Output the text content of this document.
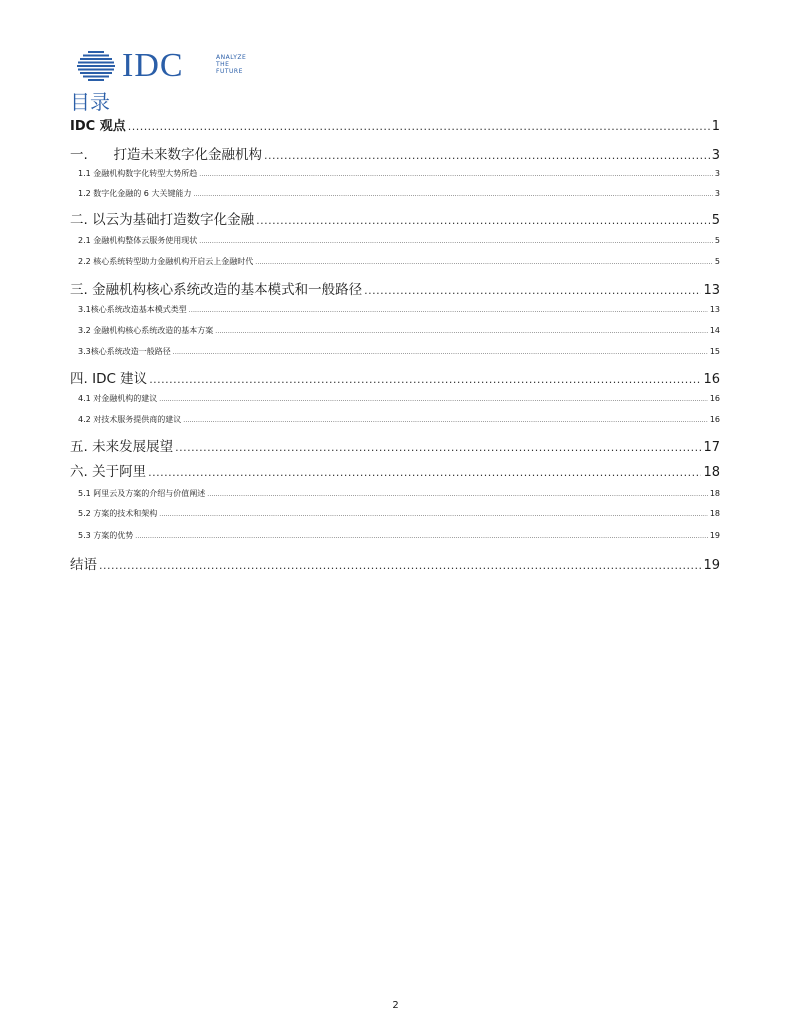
IDC	ANALYZE
THE
FUTURE
目录
IDC 观点 .....	1
一.      打造未来数字化金融机构 .....	3
1.1 金融机构数字化转型大势所趋 .....	3
1.2 数字化金融的 6 大关键能力 .....	3
二. 以云为基础打造数字化金融 .....	5
2.1 金融机构整体云服务使用现状 .....	5
2.2 核心系统转型助力金融机构开启云上金融时代 .....	5
三. 金融机构核心系统改造的基本模式和一般路径 .....	13
3.1核心系统改造基本模式类型 .....	13
3.2 金融机构核心系统改造的基本方案 .....	14
3.3核心系统改造一般路径 .....	15
四. IDC 建议 .....	16
4.1 对金融机构的建议 .....	16
4.2 对技术服务提供商的建议 .....	16
五. 未来发展展望 .....	17
六. 关于阿里 .....	18
5.1 阿里云及方案的介绍与价值阐述 .....	18
5.2 方案的技术和架构 .....	18
5.3 方案的优势 .....	19
结语 .....	19
2
